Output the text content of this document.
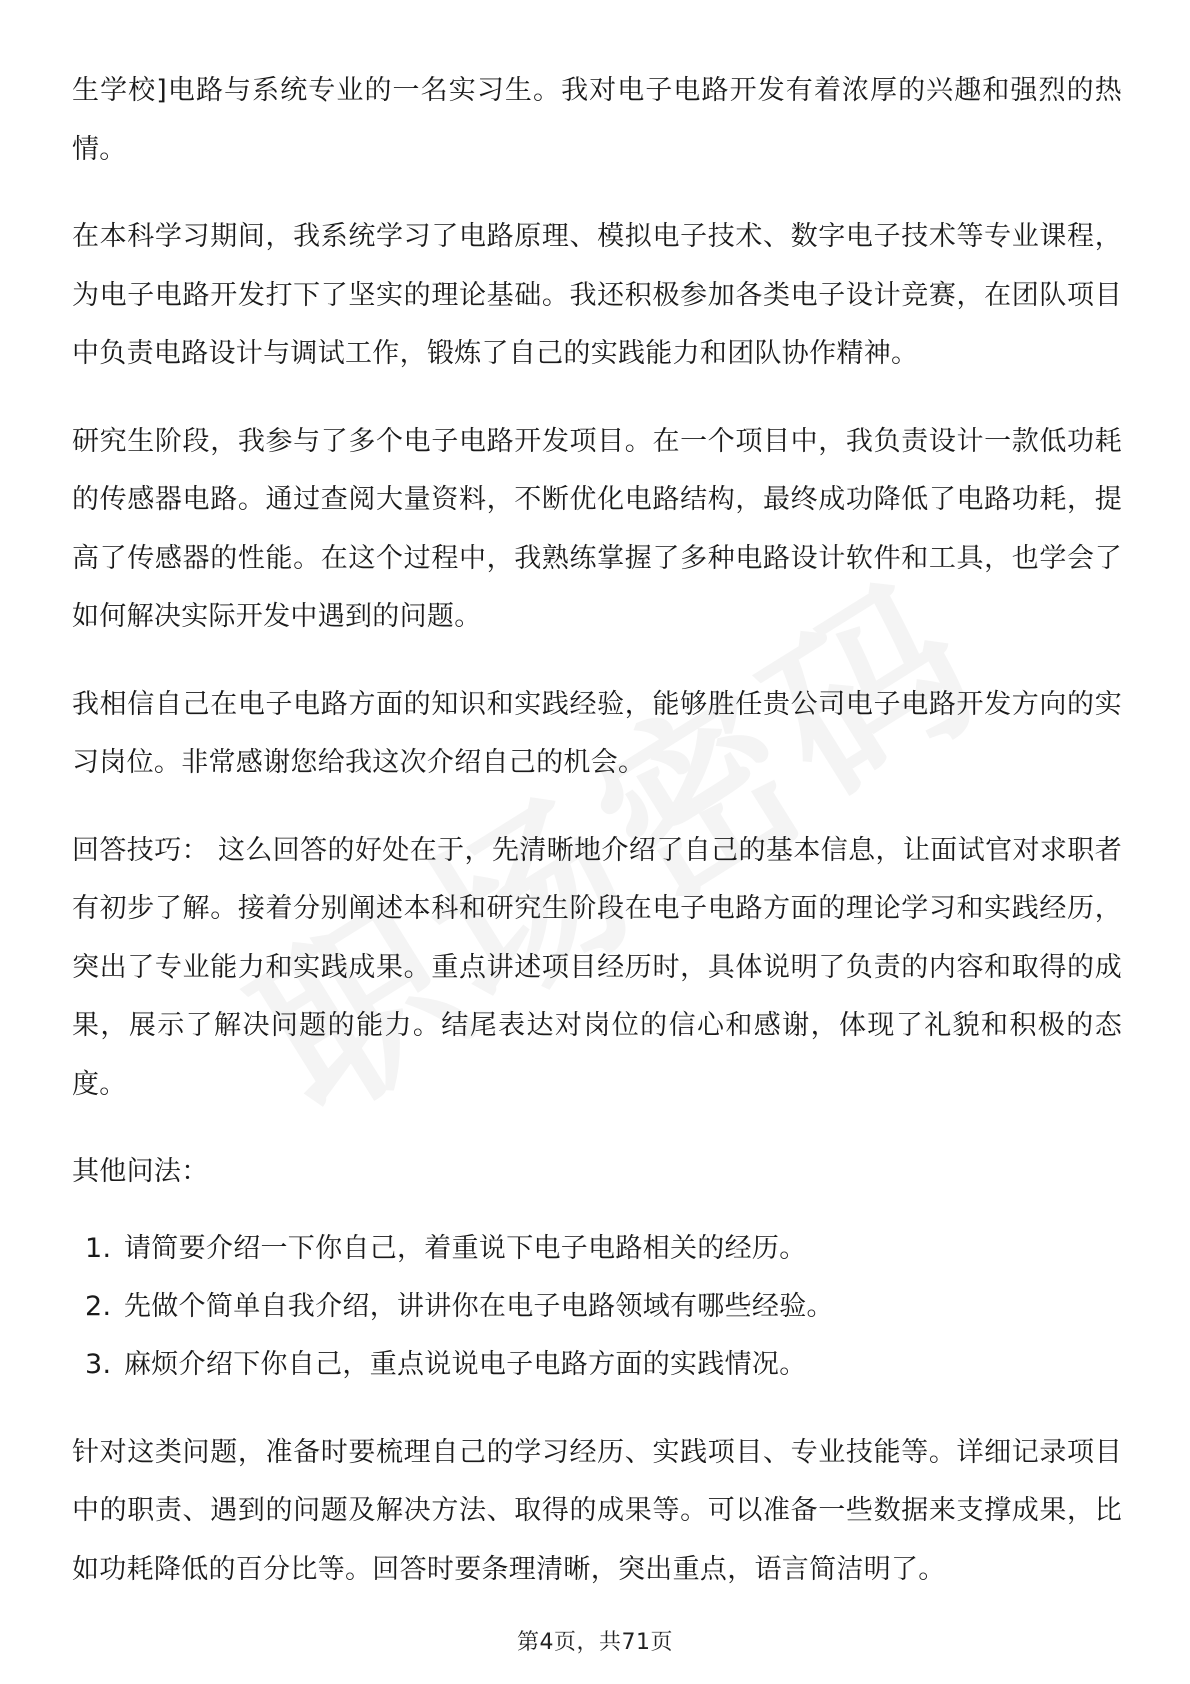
生学校]电路与系统专业的一名实习生。我对电子电路开发有着浓厚的兴趣和强烈的热情。

在本科学习期间，我系统学习了电路原理、模拟电子技术、数字电子技术等专业课程，为电子电路开发打下了坚实的理论基础。我还积极参加各类电子设计竞赛，在团队项目中负责电路设计与调试工作，锻炼了自己的实践能力和团队协作精神。

研究生阶段，我参与了多个电子电路开发项目。在一个项目中，我负责设计一款低功耗的传感器电路。通过查阅大量资料，不断优化电路结构，最终成功降低了电路功耗，提高了传感器的性能。在这个过程中，我熟练掌握了多种电路设计软件和工具，也学会了如何解决实际开发中遇到的问题。

我相信自己在电子电路方面的知识和实践经验，能够胜任贵公司电子电路开发方向的实习岗位。非常感谢您给我这次介绍自己的机会。

回答技巧： 这么回答的好处在于，先清晰地介绍了自己的基本信息，让面试官对求职者有初步了解。接着分别阐述本科和研究生阶段在电子电路方面的理论学习和实践经历，突出了专业能力和实践成果。重点讲述项目经历时，具体说明了负责的内容和取得的成果，展示了解决问题的能力。结尾表达对岗位的信心和感谢，体现了礼貌和积极的态度。

其他问法：

1. 请简要介绍一下你自己，着重说下电子电路相关的经历。
2. 先做个简单自我介绍，讲讲你在电子电路领域有哪些经验。
3. 麻烦介绍下你自己，重点说说电子电路方面的实践情况。

针对这类问题，准备时要梳理自己的学习经历、实践项目、专业技能等。详细记录项目中的职责、遇到的问题及解决方法、取得的成果等。可以准备一些数据来支撑成果，比如功耗降低的百分比等。回答时要条理清晰，突出重点，语言简洁明了。

第4页，共71页
